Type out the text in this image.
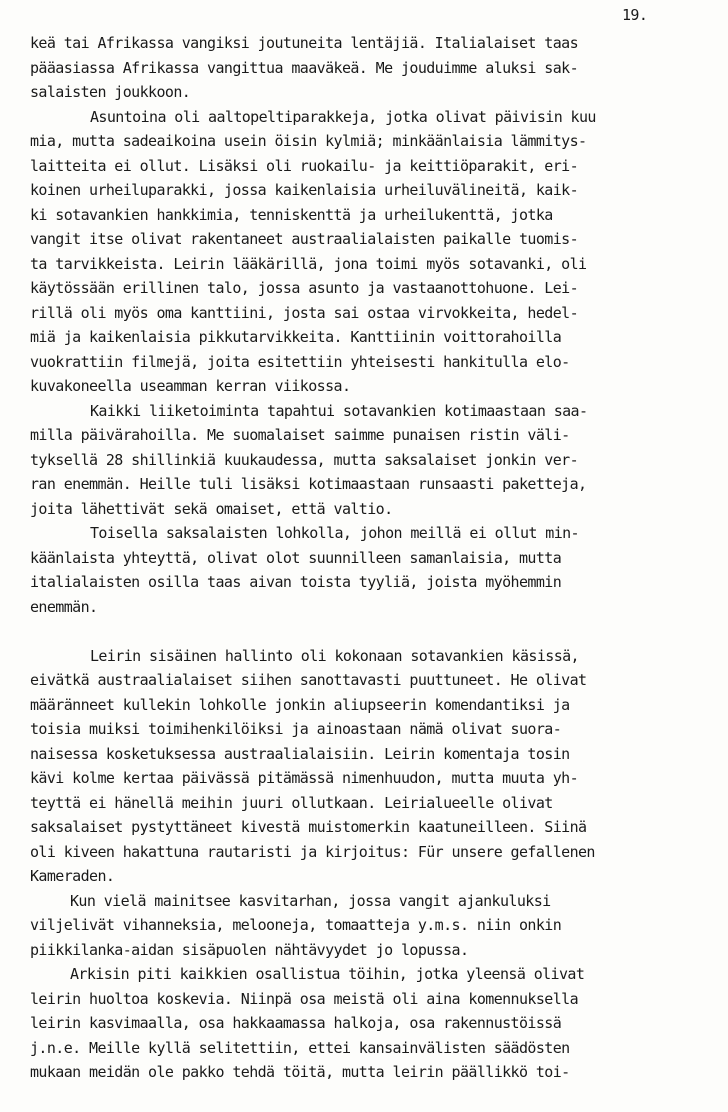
19.
keä tai Afrikassa vangiksi joutuneita lentäjiä. Italialaiset taas
pääasiassa Afrikassa vangittua maaväkeä. Me jouduimme aluksi sak-
salaisten joukkoon.
Asuntoina oli aaltopeltiparakkeja, jotka olivat päivisin kuu
mia, mutta sadeaikoina usein öisin kylmiä; minkäänlaisia lämmitys-
laitteita ei ollut. Lisäksi oli ruokailu- ja keittiöparakit, eri-
koinen urheiluparakki, jossa kaikenlaisia urheiluvälineitä, kaik-
ki sotavankien hankkimia, tenniskenttä ja urheilukenttä, jotka
vangit itse olivat rakentaneet austraalialaisten paikalle tuomis-
ta tarvikkeista. Leirin lääkärillä, jona toimi myös sotavanki, oli
käytössään erillinen talo, jossa asunto ja vastaanottohuone. Lei-
rillä oli myös oma kanttiini, josta sai ostaa virvokkeita, hedel-
miä ja kaikenlaisia pikkutarvikkeita. Kanttiinin voittorahoilla
vuokrattiin filmejä, joita esitettiin yhteisesti hankitulla elo-
kuvakoneella useamman kerran viikossa.
Kaikki liiketoiminta tapahtui sotavankien kotimaastaan saa-
milla päivärahoilla. Me suomalaiset saimme punaisen ristin väli-
tyksellä 28 shillinkiä kuukaudessa, mutta saksalaiset jonkin ver-
ran enemmän. Heille tuli lisäksi kotimaastaan runsaasti paketteja,
joita lähettivät sekä omaiset, että valtio.
Toisella saksalaisten lohkolla, johon meillä ei ollut min-
käänlaista yhteyttä, olivat olot suunnilleen samanlaisia, mutta
italialaisten osilla taas aivan toista tyyliä, joista myöhemmin
enemmän.
Leirin sisäinen hallinto oli kokonaan sotavankien käsissä,
eivätkä austraalialaiset siihen sanottavasti puuttuneet. He olivat
määränneet kullekin lohkolle jonkin aliupseerin komendantiksi ja
toisia muiksi toimihenkilöiksi ja ainoastaan nämä olivat suora-
naisessa kosketuksessa austraalialaisiin. Leirin komentaja tosin
kävi kolme kertaa päivässä pitämässä nimenhuudon, mutta muuta yh-
teyttä ei hänellä meihin juuri ollutkaan. Leirialueelle olivat
saksalaiset pystyttäneet kivestä muistomerkin kaatuneilleen. Siinä
oli kiveen hakattuna rautaristi ja kirjoitus: Für unsere gefallenen
Kameraden.
Kun vielä mainitsee kasvitarhan, jossa vangit ajankuluksi
viljelivät vihanneksia, melooneja, tomaatteja y.m.s. niin onkin
piikkilanka-aidan sisäpuolen nähtävyydet jo lopussa.
Arkisin piti kaikkien osallistua töihin, jotka yleensä olivat
leirin huoltoa koskevia. Niinpä osa meistä oli aina komennuksella
leirin kasvimaalla, osa hakkaamassa halkoja, osa rakennustöissä
j.n.e. Meille kyllä selitettiin, ettei kansainvälisten säädösten
mukaan meidän ole pakko tehdä töitä, mutta leirin päällikkö toi-
